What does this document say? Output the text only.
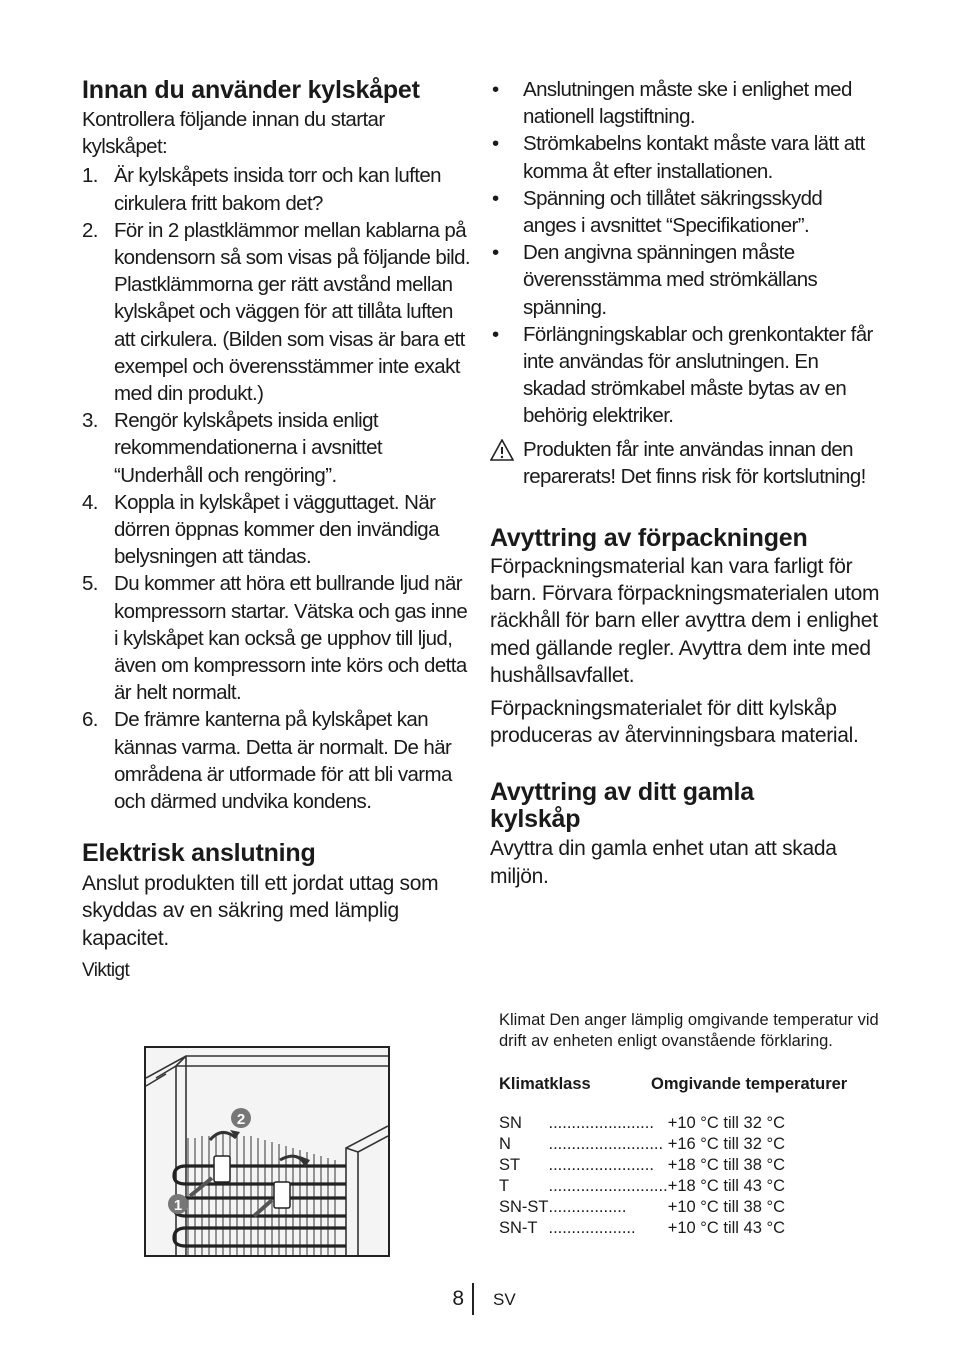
Innan du använder kylskåpet

Kontrollera följande innan du startar kylskåpet:

1. Är kylskåpets insida torr och kan luften cirkulera fritt bakom det?
2. För in 2 plastklämmor mellan kablarna på kondensorn så som visas på följande bild. Plastklämmorna ger rätt avstånd mellan kylskåpet och väggen för att tillåta luften att cirkulera. (Bilden som visas är bara ett exempel och överensstämmer inte exakt med din produkt.)
3. Rengör kylskåpets insida enligt rekommendationerna i avsnittet “Underhåll och rengöring”.
4. Koppla in kylskåpet i vägguttaget. När dörren öppnas kommer den invändiga belysningen att tändas.
5. Du kommer att höra ett bullrande ljud när kompressorn startar. Vätska och gas inne i kylskåpet kan också ge upphov till ljud, även om kompressorn inte körs och detta är helt normalt.
6. De främre kanterna på kylskåpet kan kännas varma. Detta är normalt. De här områdena är utformade för att bli varma och därmed undvika kondens.
Elektrisk anslutning

Anslut produkten till ett jordat uttag som skyddas av en säkring med lämplig kapacitet.

Viktigt

1
2
• Anslutningen måste ske i enlighet med nationell lagstiftning.
• Strömkabelns kontakt måste vara lätt att komma åt efter installationen.
• Spänning och tillåtet säkringsskydd anges i avsnittet “Specifikationer”.
• Den angivna spänningen måste överensstämma med strömkällans spänning.
• Förlängningskablar och grenkontakter får inte användas för anslutningen. En skadad strömkabel måste bytas av en behörig elektriker.
Produkten får inte användas innan den reparerats! Det finns risk för kortslutning!
Avyttring av förpackningen

Förpackningsmaterial kan vara farligt för barn. Förvara förpackningsmaterialen utom räckhåll för barn eller avyttra dem i enlighet med gällande regler. Avyttra dem inte med hushållsavfallet.

Förpackningsmaterialet för ditt kylskåp produceras av återvinningsbara material.

Avyttring av ditt gamla kylskåp

Avyttra din gamla enhet utan att skada miljön.

Klimat Den anger lämplig omgivande temperatur vid drift av enheten enligt ovanstående förklaring.
Klimatklass	Omgivande temperaturer
SN	.......................	+10 °C till 32 °C
N	.........................	+16 °C till 32 °C
ST	.......................	+18 °C till 38 °C
T	..........................	+18 °C till 43 °C
SN-ST	.................	+10 °C till 38 °C
SN-T	...................	+10 °C till 43 °C
8 SV
